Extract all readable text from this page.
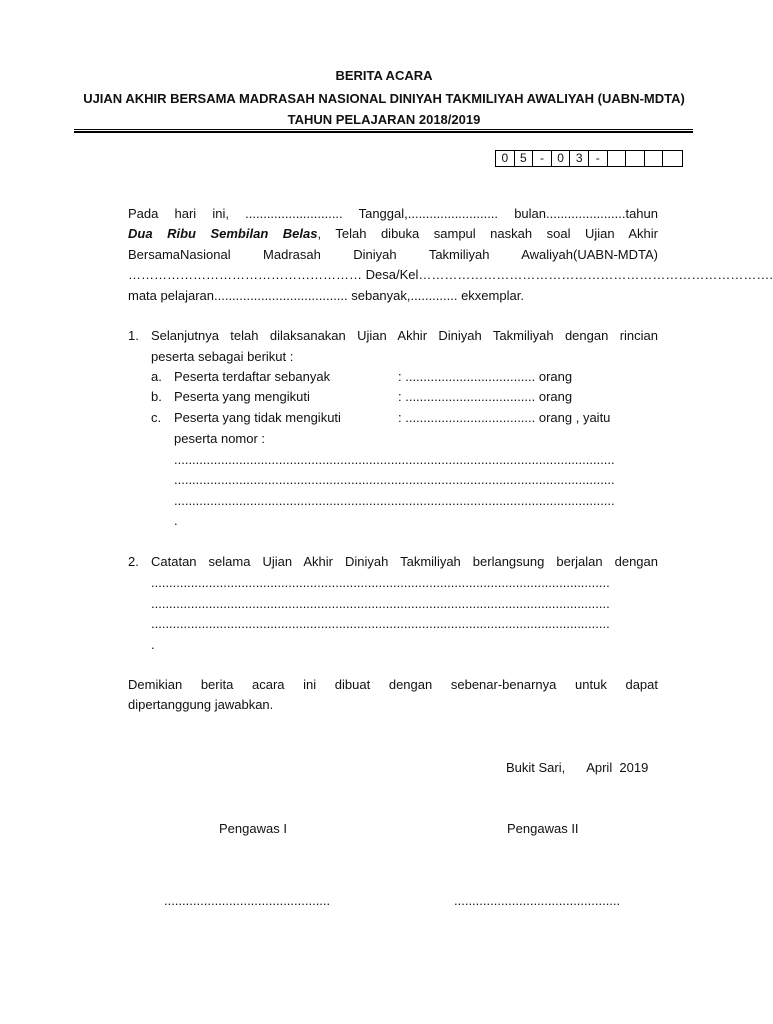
BERITA ACARA
UJIAN AKHIR BERSAMA MADRASAH NASIONAL DINIYAH TAKMILIYAH AWALIYAH (UABN-MDTA)
TAHUN PELAJARAN 2018/2019
0 5	-	0 3	-
Pada hari ini, ........................... Tanggal,......................... bulan......................tahun
Dua Ribu Sembilan Belas, Telah dibuka sampul naskah soal Ujian Akhir
BersamaNasional Madrasah Diniyah Takmiliyah Awaliyah(UABN-MDTA)
……………………………………………… Desa/Kel……………………………………………………………………….
mata pelajaran..................................... sebanyak,............. ekxemplar.
1. Selanjutnya telah dilaksanakan Ujian Akhir Diniyah Takmiliyah dengan rincian
peserta sebagai berikut :
a. Peserta terdaftar sebanyak	: .................................... orang
b. Peserta yang mengikuti	: .................................... orang
c. Peserta yang tidak mengikuti	: .................................... orang , yaitu
peserta nomor :
..........................................................................................................................
..........................................................................................................................
..........................................................................................................................
.
2. Catatan selama Ujian Akhir Diniyah Takmiliyah berlangsung berjalan dengan
...............................................................................................................................
...............................................................................................................................
...............................................................................................................................
.
Demikian berita acara ini dibuat dengan sebenar-benarnya untuk dapat
dipertanggung jawabkan.
Bukit Sari,      April  2019
Pengawas I	Pengawas II
..............................................	..............................................
